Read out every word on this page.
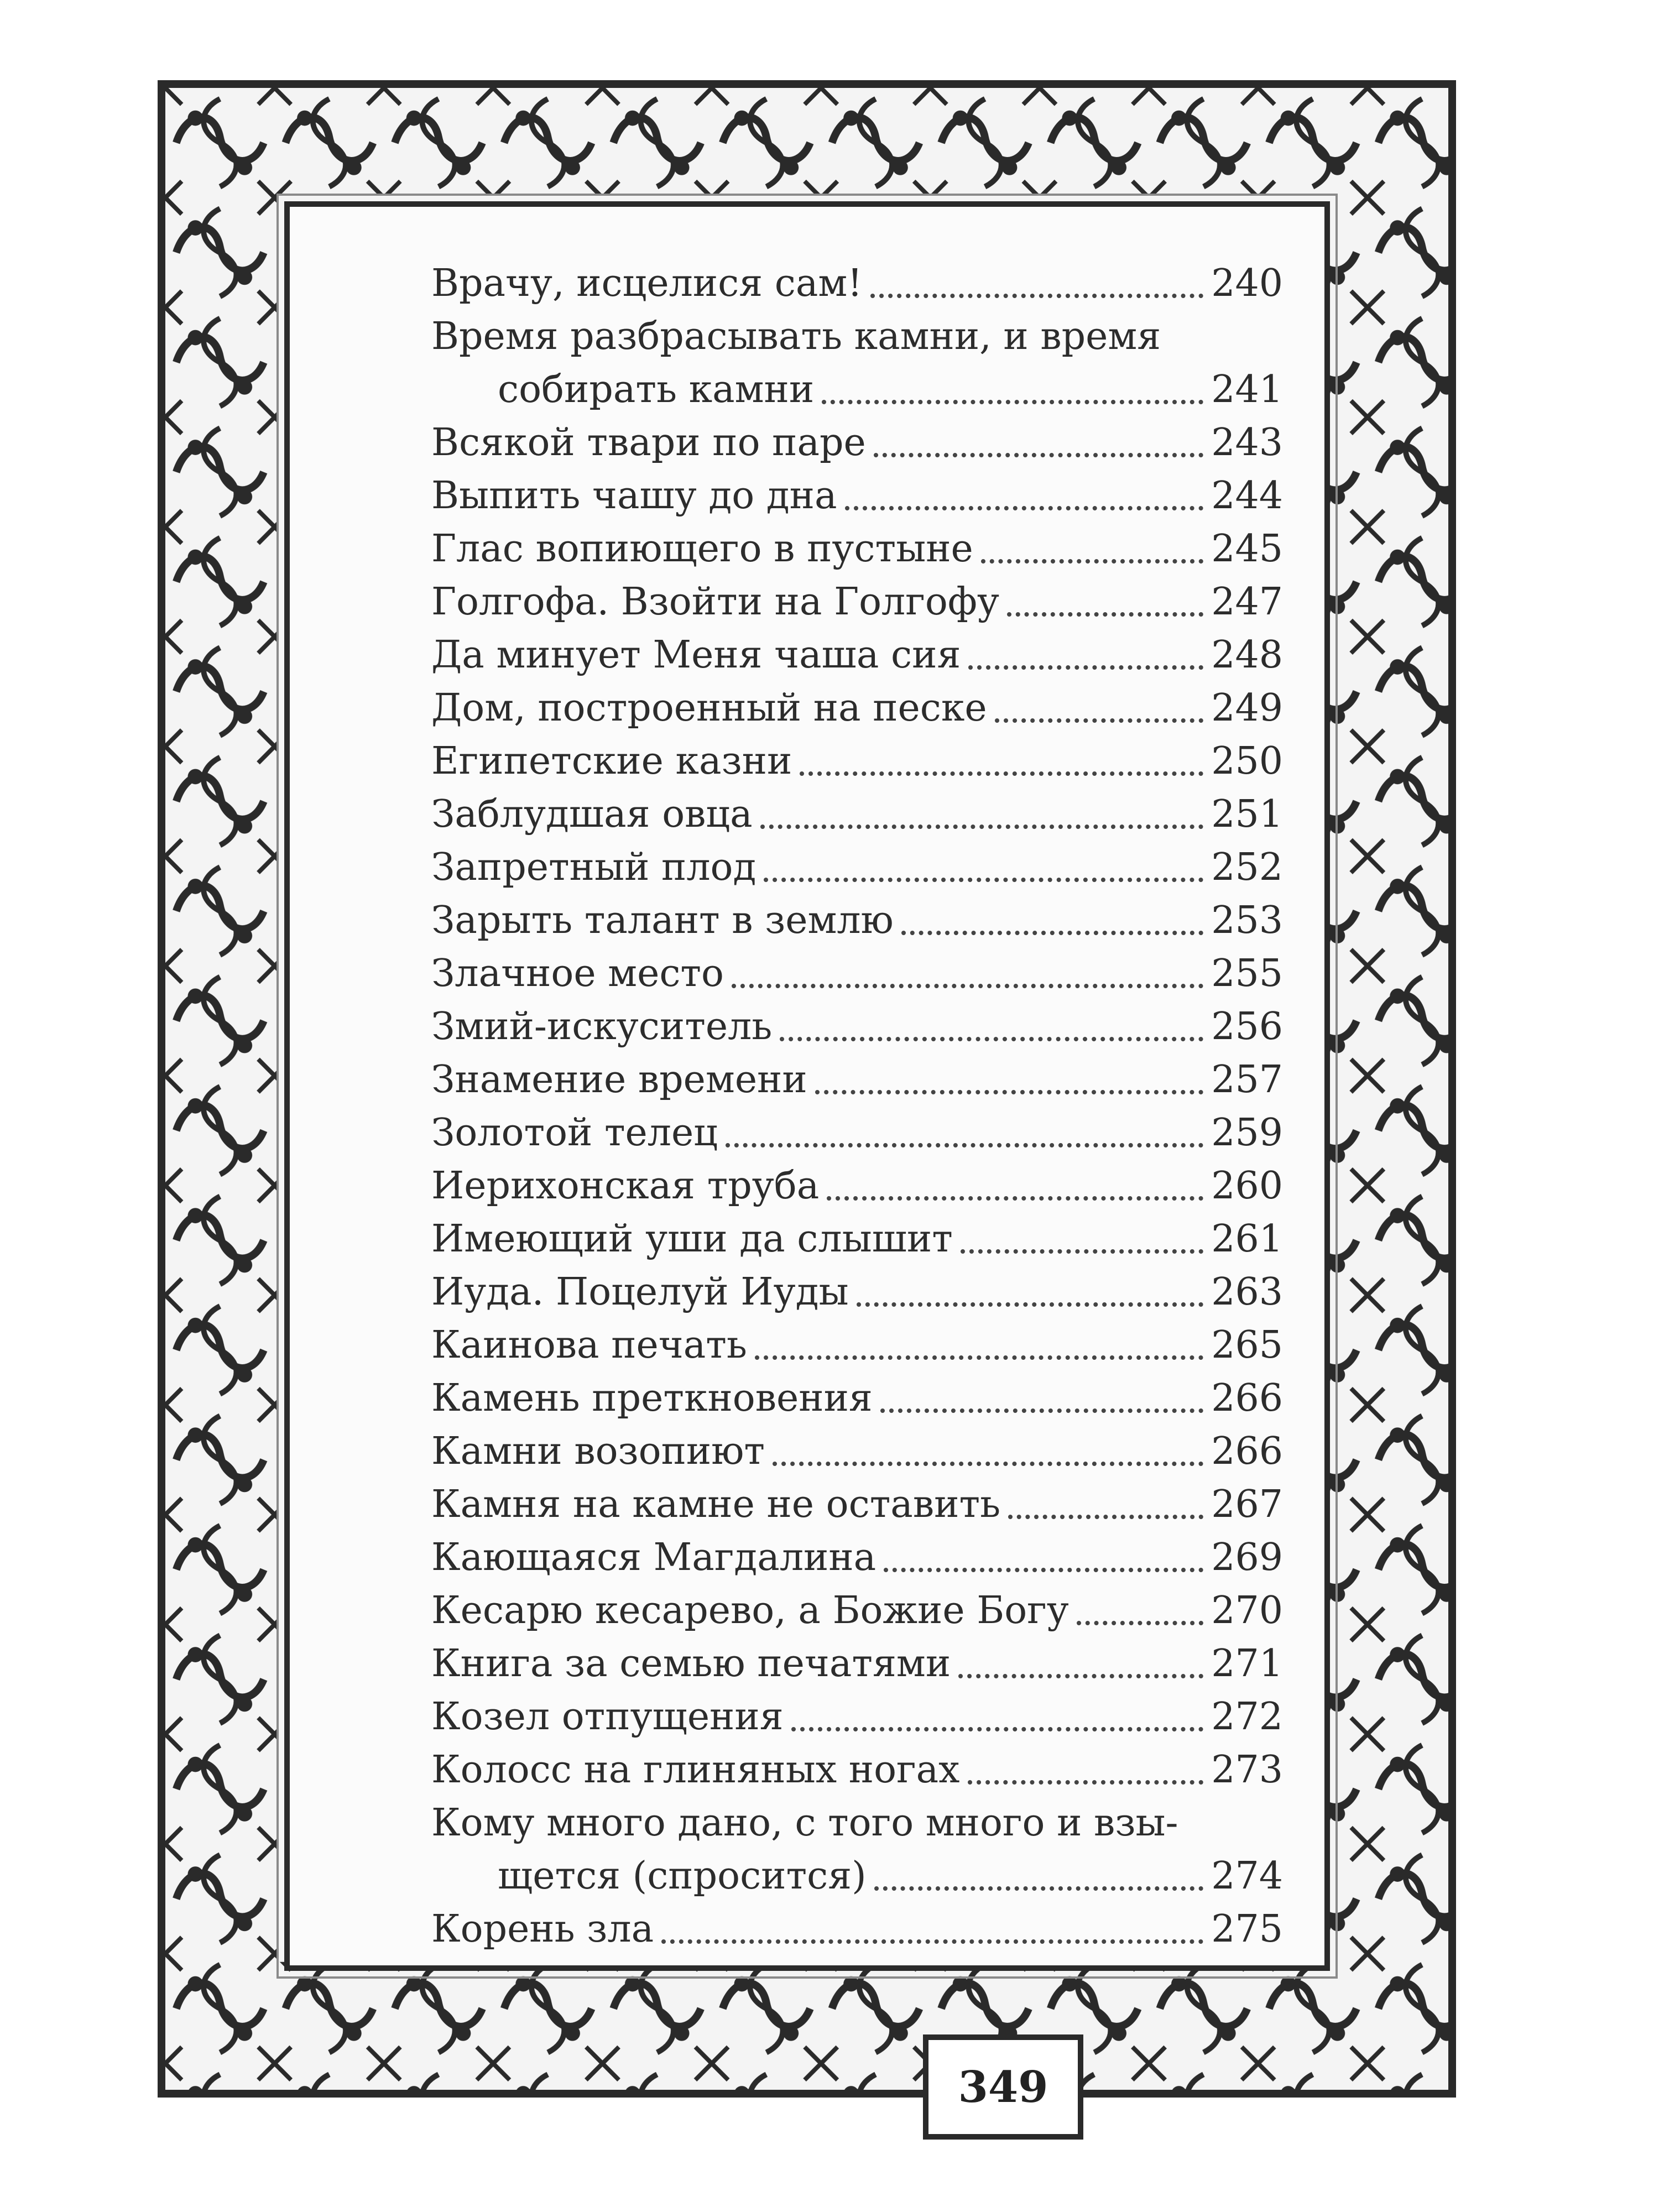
349
Врачу, исцелися сам!	240
Время разбрасывать камни, и время
собирать камни	241
Всякой твари по паре	243
Выпить чашу до дна	244
Глас вопиющего в пустыне	245
Голгофа. Взойти на Голгофу	247
Да минует Меня чаша сия	248
Дом, построенный на песке	249
Египетские казни	250
Заблудшая овца	251
Запретный плод	252
Зарыть талант в землю	253
Злачное место	255
Змий-искуситель	256
Знамение времени	257
Золотой телец	259
Иерихонская труба	260
Имеющий уши да слышит	261
Иуда. Поцелуй Иуды	263
Каинова печать	265
Камень преткновения	266
Камни возопиют	266
Камня на камне не оставить	267
Кающаяся Магдалина	269
Кесарю кесарево, а Божие Богу	270
Книга за семью печатями	271
Козел отпущения	272
Колосс на глиняных ногах	273
Кому много дано, с того много и взы-
щется (спросится)	274
Корень зла	275
